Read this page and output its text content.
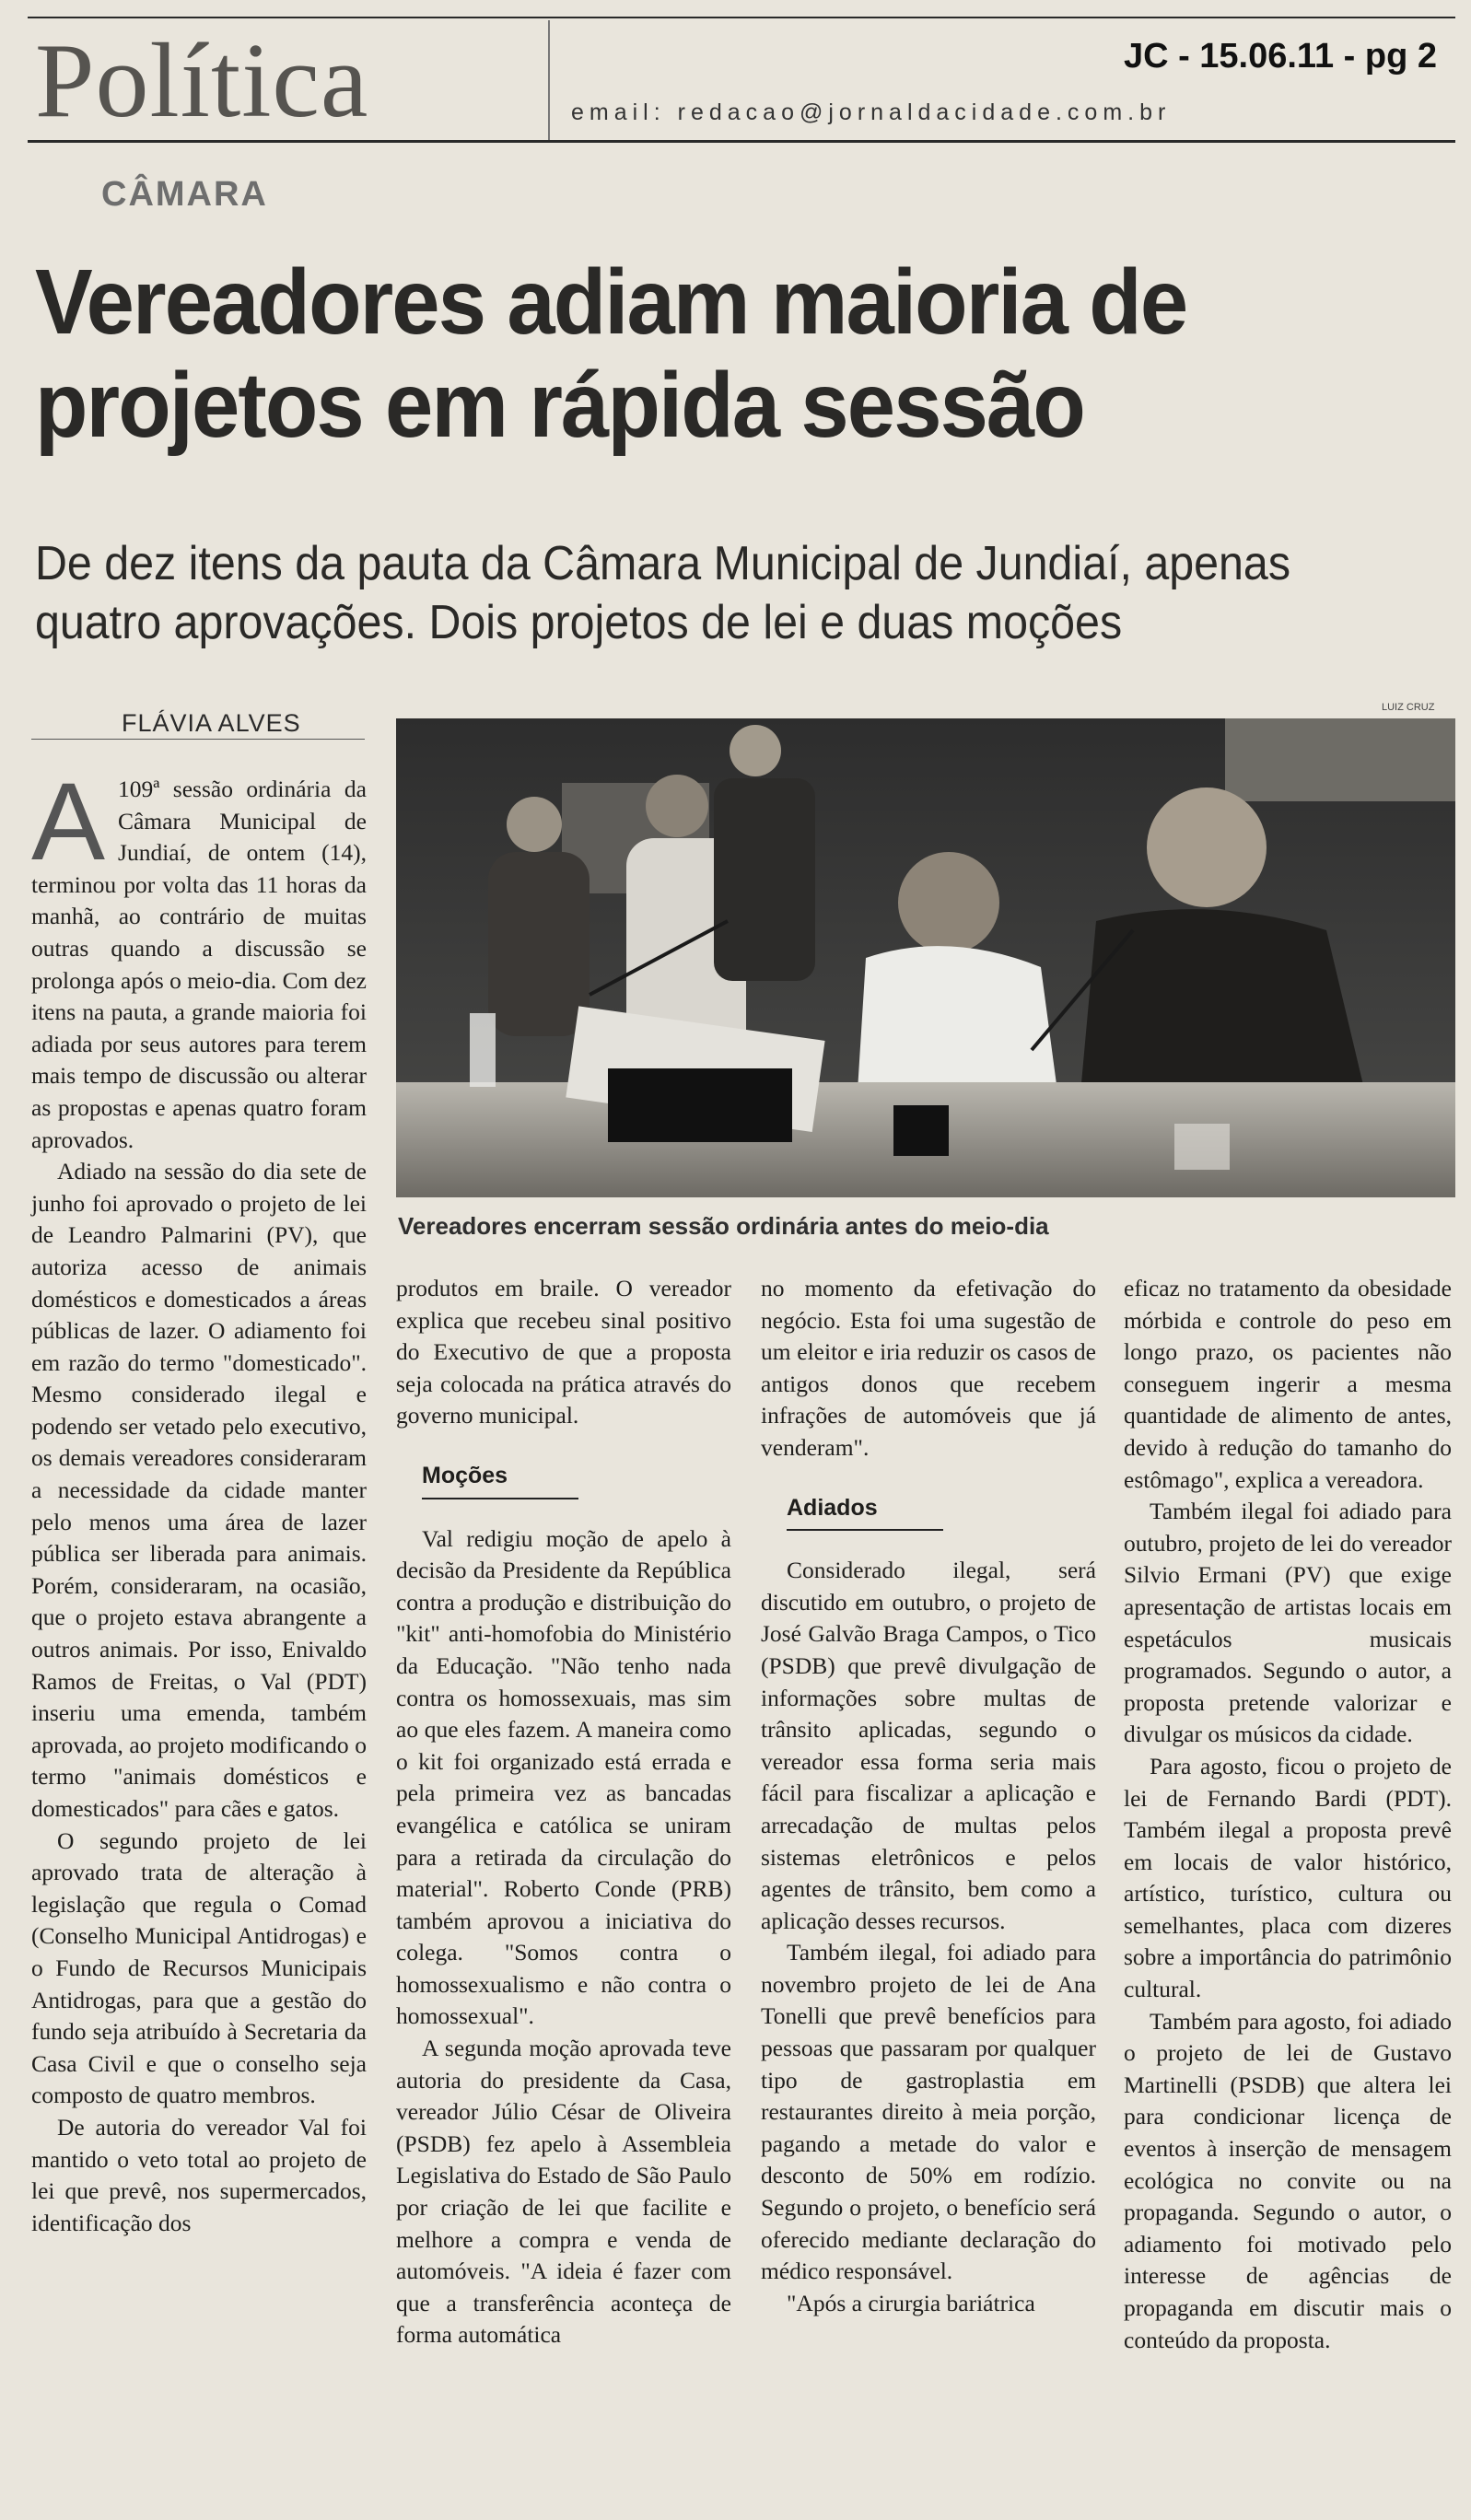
Política	JC - 15.06.11 - pg 2
email: redacao@jornaldacidade.com.br
CÂMARA
Vereadores adiam maioria de projetos em rápida sessão

De dez itens da pauta da Câmara Municipal de Jundiaí, apenas quatro aprovações. Dois projetos de lei e duas moções

FLÁVIA ALVES
LUIZ CRUZ
Vereadores encerram sessão ordinária antes do meio-dia
A 109ª sessão ordinária da Câmara Municipal de Jundiaí, de ontem (14), terminou por volta das 11 horas da manhã, ao contrário de muitas outras quando a discussão se prolonga após o meio-dia. Com dez itens na pauta, a grande maioria foi adiada por seus autores para terem mais tempo de discussão ou alterar as propostas e apenas quatro foram aprovados.

Adiado na sessão do dia sete de junho foi aprovado o projeto de lei de Leandro Palmarini (PV), que autoriza acesso de animais domésticos e domesticados a áreas públicas de lazer. O adiamento foi em razão do termo "domesticado". Mesmo considerado ilegal e podendo ser vetado pelo executivo, os demais vereadores consideraram a necessidade da cidade manter pelo menos uma área de lazer pública ser liberada para animais. Porém, consideraram, na ocasião, que o projeto estava abrangente a outros animais. Por isso, Enivaldo Ramos de Freitas, o Val (PDT) inseriu uma emenda, também aprovada, ao projeto modificando o termo "animais domésticos e domesticados" para cães e gatos.

O segundo projeto de lei aprovado trata de alteração à legislação que regula o Comad (Conselho Municipal Antidrogas) e o Fundo de Recursos Municipais Antidrogas, para que a gestão do fundo seja atribuído à Secretaria da Casa Civil e que o conselho seja composto de quatro membros.

De autoria do vereador Val foi mantido o veto total ao projeto de lei que prevê, nos supermercados, identificação dos

produtos em braile. O vereador explica que recebeu sinal positivo do Executivo de que a proposta seja colocada na prática através do governo municipal.

Moções

Val redigiu moção de apelo à decisão da Presidente da República contra a produção e distribuição do "kit" anti-homofobia do Ministério da Educação. "Não tenho nada contra os homossexuais, mas sim ao que eles fazem. A maneira como o kit foi organizado está errada e pela primeira vez as bancadas evangélica e católica se uniram para a retirada da circulação do material". Roberto Conde (PRB) também aprovou a iniciativa do colega. "Somos contra o homossexualismo e não contra o homossexual".

A segunda moção aprovada teve autoria do presidente da Casa, vereador Júlio César de Oliveira (PSDB) fez apelo à Assembleia Legislativa do Estado de São Paulo por criação de lei que facilite e melhore a compra e venda de automóveis. "A ideia é fazer com que a transferência aconteça de forma automática

no momento da efetivação do negócio. Esta foi uma sugestão de um eleitor e iria reduzir os casos de antigos donos que recebem infrações de automóveis que já venderam".

Adiados

Considerado ilegal, será discutido em outubro, o projeto de José Galvão Braga Campos, o Tico (PSDB) que prevê divulgação de informações sobre multas de trânsito aplicadas, segundo o vereador essa forma seria mais fácil para fiscalizar a aplicação e arrecadação de multas pelos sistemas eletrônicos e pelos agentes de trânsito, bem como a aplicação desses recursos.

Também ilegal, foi adiado para novembro projeto de lei de Ana Tonelli que prevê benefícios para pessoas que passaram por qualquer tipo de gastroplastia em restaurantes direito à meia porção, pagando a metade do valor e desconto de 50% em rodízio. Segundo o projeto, o benefício será oferecido mediante declaração do médico responsável.

"Após a cirurgia bariátrica

eficaz no tratamento da obesidade mórbida e controle do peso em longo prazo, os pacientes não conseguem ingerir a mesma quantidade de alimento de antes, devido à redução do tamanho do estômago", explica a vereadora.

Também ilegal foi adiado para outubro, projeto de lei do vereador Silvio Ermani (PV) que exige apresentação de artistas locais em espetáculos musicais programados. Segundo o autor, a proposta pretende valorizar e divulgar os músicos da cidade.

Para agosto, ficou o projeto de lei de Fernando Bardi (PDT). Também ilegal a proposta prevê em locais de valor histórico, artístico, turístico, cultura ou semelhantes, placa com dizeres sobre a importância do patrimônio cultural.

Também para agosto, foi adiado o projeto de lei de Gustavo Martinelli (PSDB) que altera lei para condicionar licença de eventos à inserção de mensagem ecológica no convite ou na propaganda. Segundo o autor, o adiamento foi motivado pelo interesse de agências de propaganda em discutir mais o conteúdo da proposta.
